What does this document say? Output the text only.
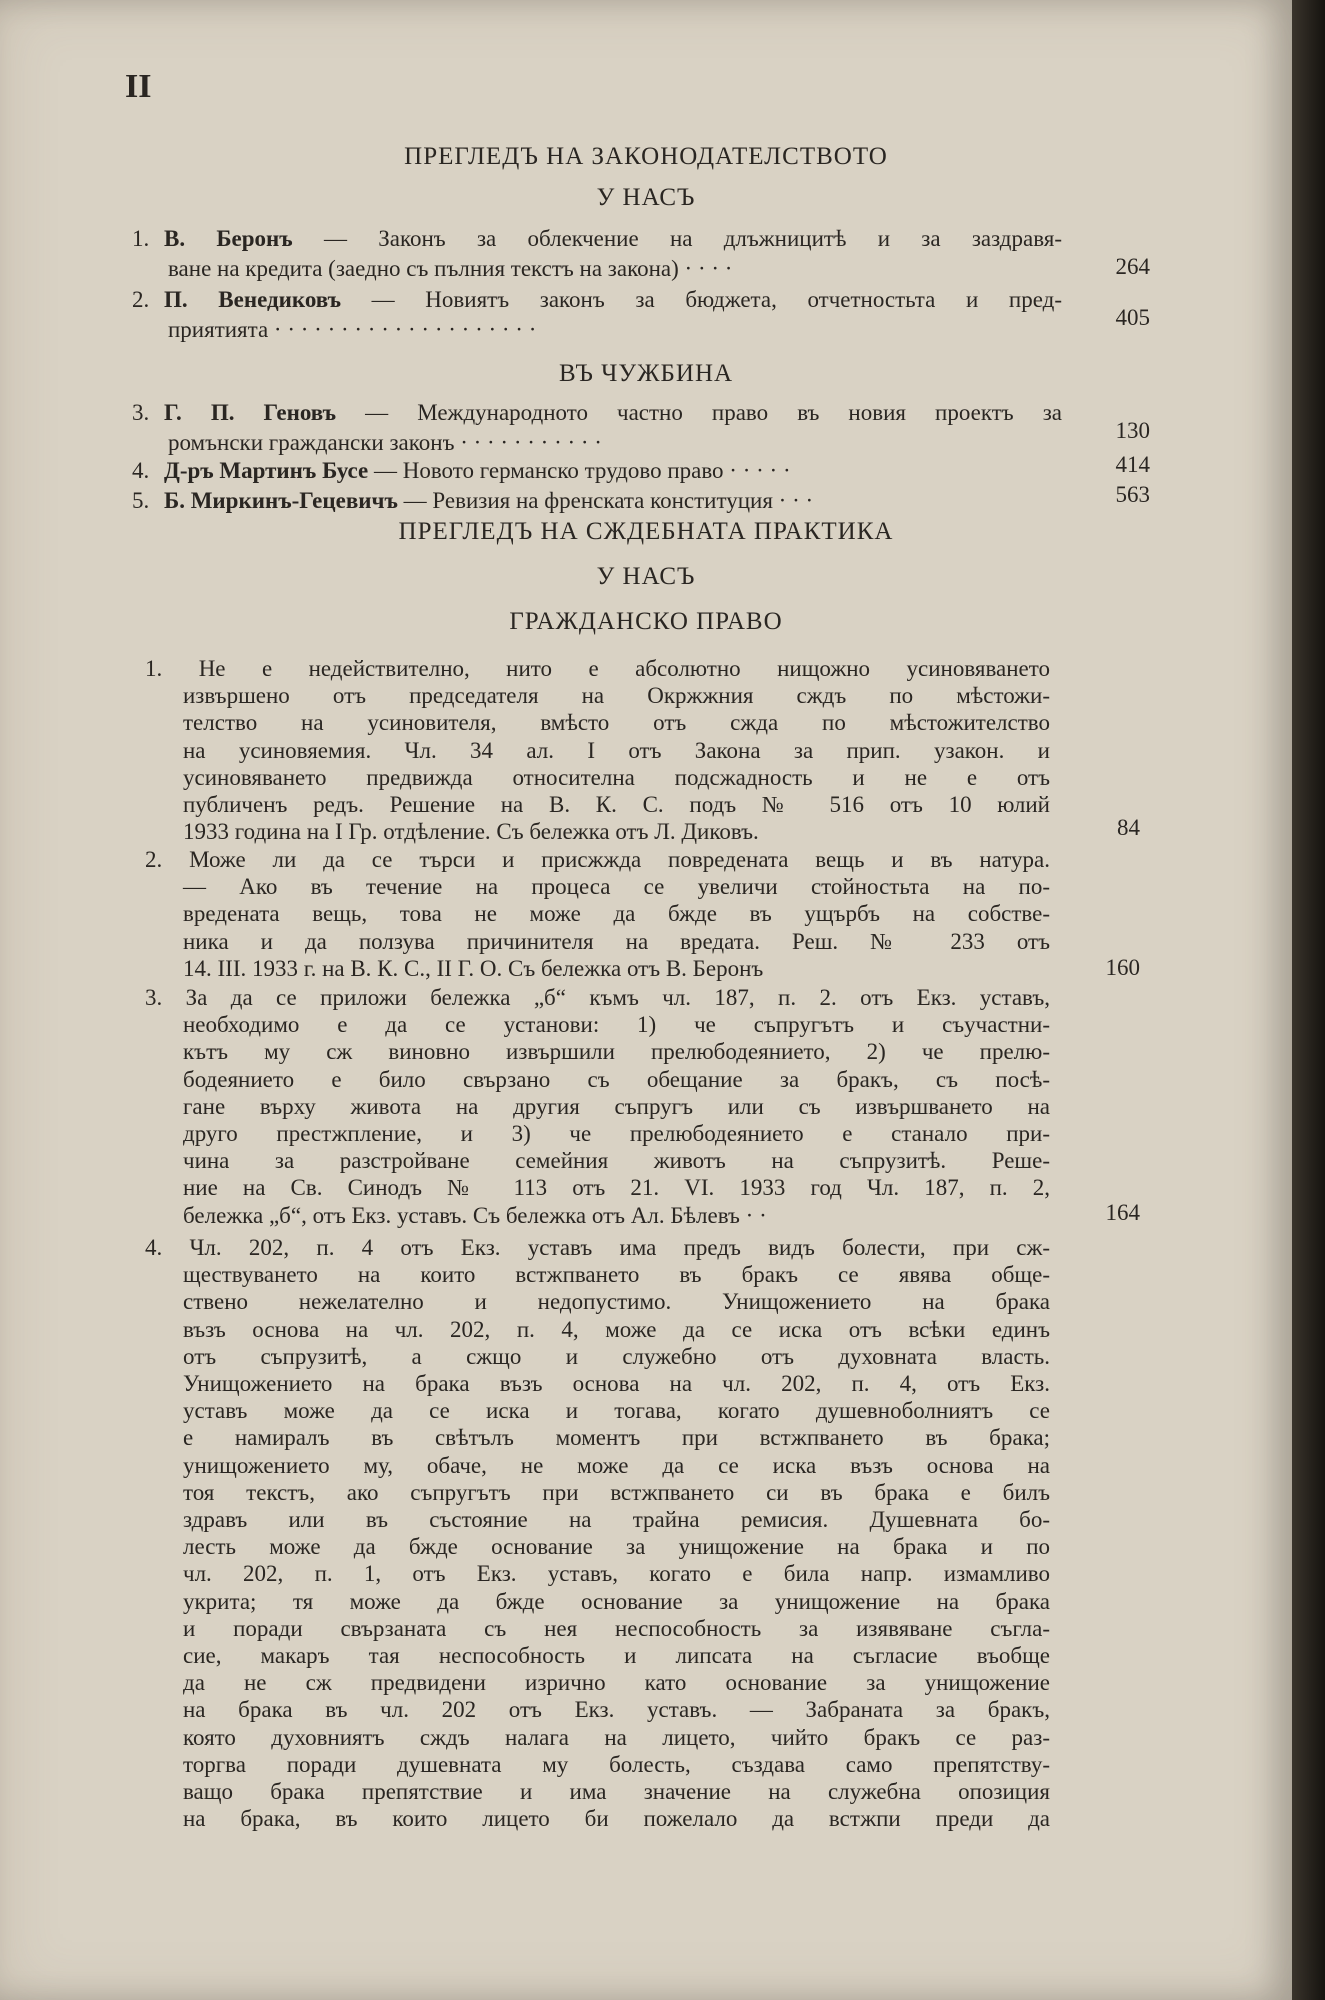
II
ПРЕГЛЕДЪ НА ЗАКОНОДАТЕЛСТВОТО
У НАСЪ
1. В. Беронъ — Законъ за облекчение на длъжницитѣ и за заздравя-
ване на кредита (заедно съ пълния текстъ на закона) · · · ·	264
2. П. Венедиковъ — Новиятъ законъ за бюджета, отчетностьта и пред-
приятията · · · · · · · · · · · · · · · · · · · ·	405
ВЪ ЧУЖБИНА
3. Г. П. Геновъ — Международното частно право въ новия проектъ за
ромънски граждански законъ · · · · · · · · · · ·	130
4. Д-ръ Мартинъ Бусе — Новото германско трудово право · · · · ·	414
5. Б. Миркинъ-Гецевичъ — Ревизия на френската конституция · · ·	563
ПРЕГЛЕДЪ НА СЖДЕБНАТА ПРАКТИКА
У НАСЪ
ГРАЖДАНСКО ПРАВО
1. Не е недействително, нито е абсолютно нищожно усиновяването
извършено отъ председателя на Окржжния сждъ по мѣстожи-
телство на усиновителя, вмѣсто отъ сжда по мѣстожителство
на усиновяемия. Чл. 34 ал. I отъ Закона за прип. узакон. и
усиновяването предвижда относителна подсжадность и не е отъ
публиченъ редъ. Решение на В. К. С. подъ № 516 отъ 10 юлий
1933 година на I Гр. отдѣление. Съ бележка отъ Л. Диковъ.	84
2. Може ли да се търси и присжжда повредената вещь и въ натура.
— Ако въ течение на процеса се увеличи стойностьта на по-
вредената вещь, това не може да бжде въ ущърбъ на собстве-
ника и да ползува причинителя на вредата. Реш. № 233 отъ
14. III. 1933 г. на В. К. С., II Г. О. Съ бележка отъ В. Беронъ	160
3. За да се приложи бележка „б“ къмъ чл. 187, п. 2. отъ Екз. уставъ,
необходимо е да се установи: 1) че съпругътъ и съучастни-
кътъ му сж виновно извършили прелюбодеянието, 2) че прелю-
бодеянието е било свързано съ обещание за бракъ, съ посѣ-
гане върху живота на другия съпругъ или съ извършването на
друго престжпление, и 3) че прелюбодеянието е станало при-
чина за разстройване семейния животъ на съпрузитѣ. Реше-
ние на Св. Синодъ № 113 отъ 21. VI. 1933 год Чл. 187, п. 2,
бележка „б“, отъ Екз. уставъ. Съ бележка отъ Ал. Бѣлевъ · ·	164
4. Чл. 202, п. 4 отъ Екз. уставъ има предъ видъ болести, при сж-
ществуването на които встжпването въ бракъ се явява обще-
ствено нежелателно и недопустимо. Унищожението на брака
възъ основа на чл. 202, п. 4, може да се иска отъ всѣки единъ
отъ съпрузитѣ, а сжщо и служебно отъ духовната власть.
Унищожението на брака възъ основа на чл. 202, п. 4, отъ Екз.
уставъ може да се иска и тогава, когато душевноболниятъ се
е намиралъ въ свѣтълъ моментъ при встжпването въ брака;
унищожението му, обаче, не може да се иска възъ основа на
тоя текстъ, ако съпругътъ при встжпването си въ брака е билъ
здравъ или въ състояние на трайна ремисия. Душевната бо-
лесть може да бжде основание за унищожение на брака и по
чл. 202, п. 1, отъ Екз. уставъ, когато е била напр. измамливо
укрита; тя може да бжде основание за унищожение на брака
и поради свързаната съ нея неспособность за изявяване съгла-
сие, макаръ тая неспособность и липсата на съгласие въобще
да не сж предвидени изрично като основание за унищожение
на брака въ чл. 202 отъ Екз. уставъ. — Забраната за бракъ,
която духовниятъ сждъ налага на лицето, чийто бракъ се раз-
торгва поради душевната му болесть, създава само препятству-
ващо брака препятствие и има значение на служебна опозиция
на брака, въ които лицето би пожелало да встжпи преди да
